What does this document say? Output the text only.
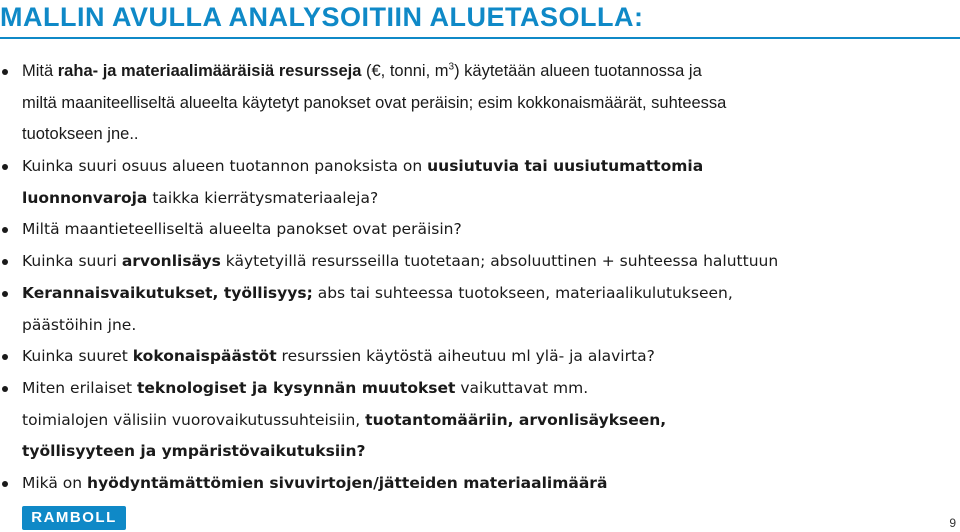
MALLIN AVULLA ANALYSOITIIN ALUETASOLLA:
Mitä raha- ja materiaalimääräisiä resursseja (€, tonni, $m^3$) käytetään alueen tuotannossa ja
miltä maaniteelliseltä alueelta käytetyt panokset ovat peräisin; esim kokkonaismäärät, suhteessa
tuotokseen jne..
Kuinka suuri osuus alueen tuotannon panoksista on uusiutuvia tai uusiutumattomia
luonnonvaroja taikka kierrätysmateriaaleja?
Miltä maantieteelliseltä alueelta panokset ovat peräisin?
Kuinka suuri arvonlisäys käytetyillä resursseilla tuotetaan; absoluuttinen + suhteessa haluttuun
Kerannaisvaikutukset, työllisyys; abs tai suhteessa tuotokseen, materiaalikulutukseen,
päästöihin jne.
Kuinka suuret kokonaispäästöt resurssien käytöstä aiheutuu ml ylä- ja alavirta?
Miten erilaiset teknologiset ja kysynnän muutokset vaikuttavat mm.
toimialojen välisiin vuorovaikutussuhteisiin, tuotantomääriin, arvonlisäykseen,
työllisyyteen ja ympäristövaikutuksiin?
Mikä on hyödyntämättömien sivuvirtojen/jätteiden materiaalimäärä
RAMBOLL	9
